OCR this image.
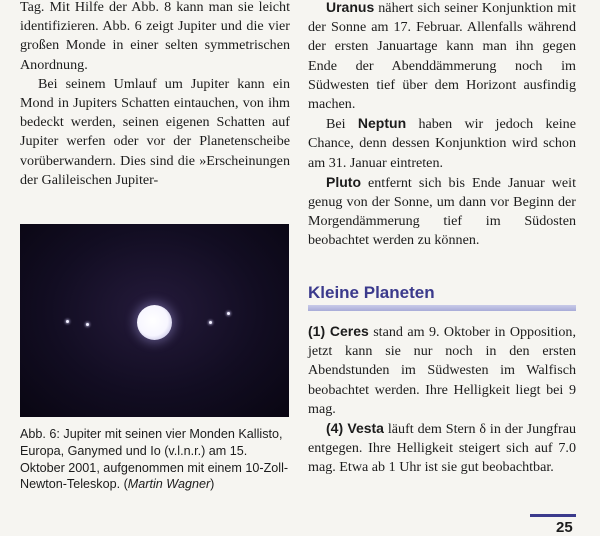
Tag. Mit Hilfe der Abb. 8 kann man sie leicht identifizieren. Abb. 6 zeigt Jupiter und die vier großen Monde in einer selten symmetrischen Anordnung.

Bei seinem Umlauf um Jupiter kann ein Mond in Jupiters Schatten eintauchen, von ihm bedeckt werden, seinen eigenen Schatten auf Jupiter werfen oder vor der Planetenscheibe vorüberwandern. Dies sind die »Erscheinungen der Galileischen Jupiter-

Abb. 6: Jupiter mit seinen vier Monden Kallisto, Europa, Ganymed und Io (v.l.n.r.) am 15. Oktober 2001, aufgenommen mit einem 10-Zoll-Newton-Teleskop. (Martin Wagner)

Uranus nähert sich seiner Konjunktion mit der Sonne am 17. Februar. Allenfalls während der ersten Januartage kann man ihn gegen Ende der Abenddämmerung noch im Südwesten tief über dem Horizont ausfindig machen.

Bei Neptun haben wir jedoch keine Chance, denn dessen Konjunktion wird schon am 31. Januar eintreten.

Pluto entfernt sich bis Ende Januar weit genug von der Sonne, um dann vor Beginn der Morgendämmerung tief im Südosten beobachtet werden zu können.

Kleine Planeten

(1) Ceres stand am 9. Oktober in Opposition, jetzt kann sie nur noch in den ersten Abendstunden im Südwesten im Walfisch beobachtet werden. Ihre Helligkeit liegt bei 9 mag.

(4) Vesta läuft dem Stern δ in der Jungfrau entgegen. Ihre Helligkeit steigert sich auf 7.0 mag. Etwa ab 1 Uhr ist sie gut beobachtbar.

25
